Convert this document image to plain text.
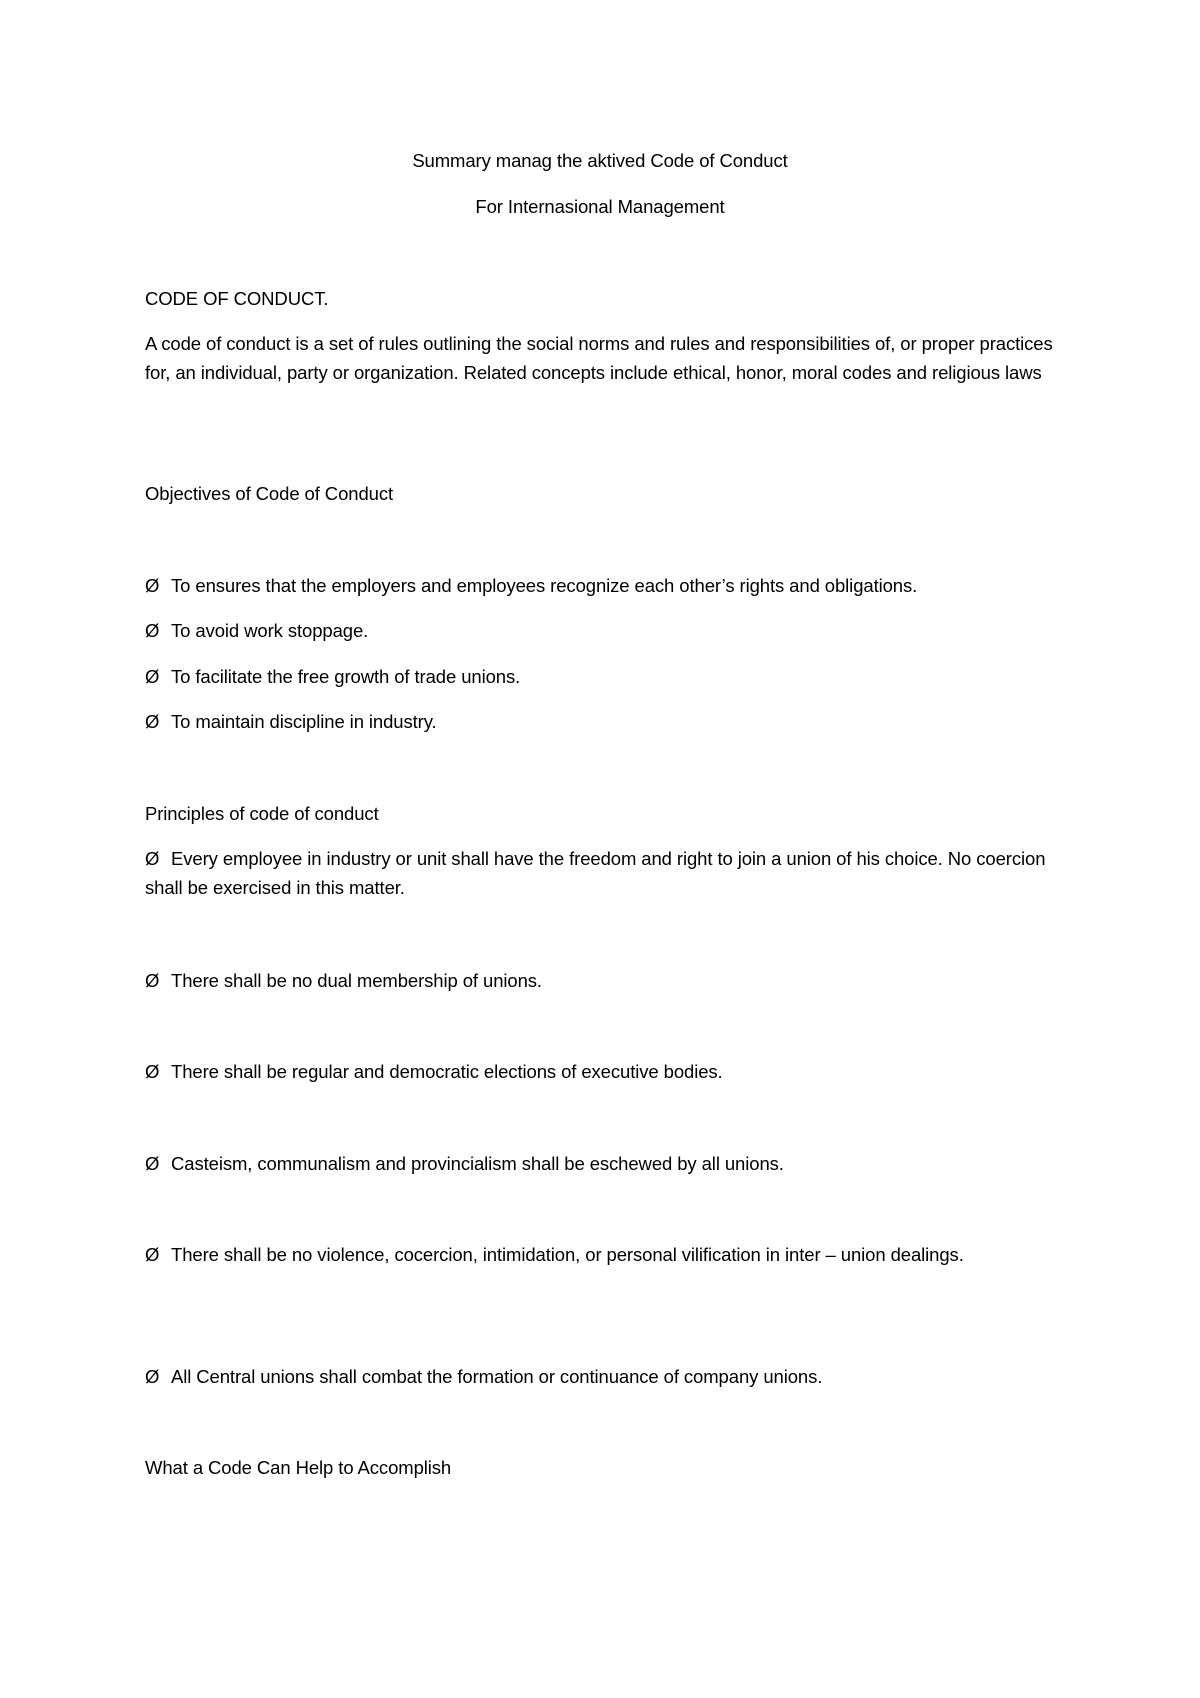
Summary manag the aktived Code of Conduct
For Internasional Management
CODE OF CONDUCT.
A code of conduct is a set of rules outlining the social norms and rules and responsibilities of, or proper practices for, an individual, party or organization. Related concepts include ethical, honor, moral codes and religious laws
Objectives of Code of Conduct
Ø To ensures that the employers and employees recognize each other’s rights and obligations.
Ø To avoid work stoppage.
Ø To facilitate the free growth of trade unions.
Ø To maintain discipline in industry.
Principles of code of conduct
Ø Every employee in industry or unit shall have the freedom and right to join a union of his choice. No coercion shall be exercised in this matter.
Ø There shall be no dual membership of unions.
Ø There shall be regular and democratic elections of executive bodies.
Ø Casteism, communalism and provincialism shall be eschewed by all unions.
Ø There shall be no violence, cocercion, intimidation, or personal vilification in inter – union dealings.
Ø All Central unions shall combat the formation or continuance of company unions.
What a Code Can Help to Accomplish
